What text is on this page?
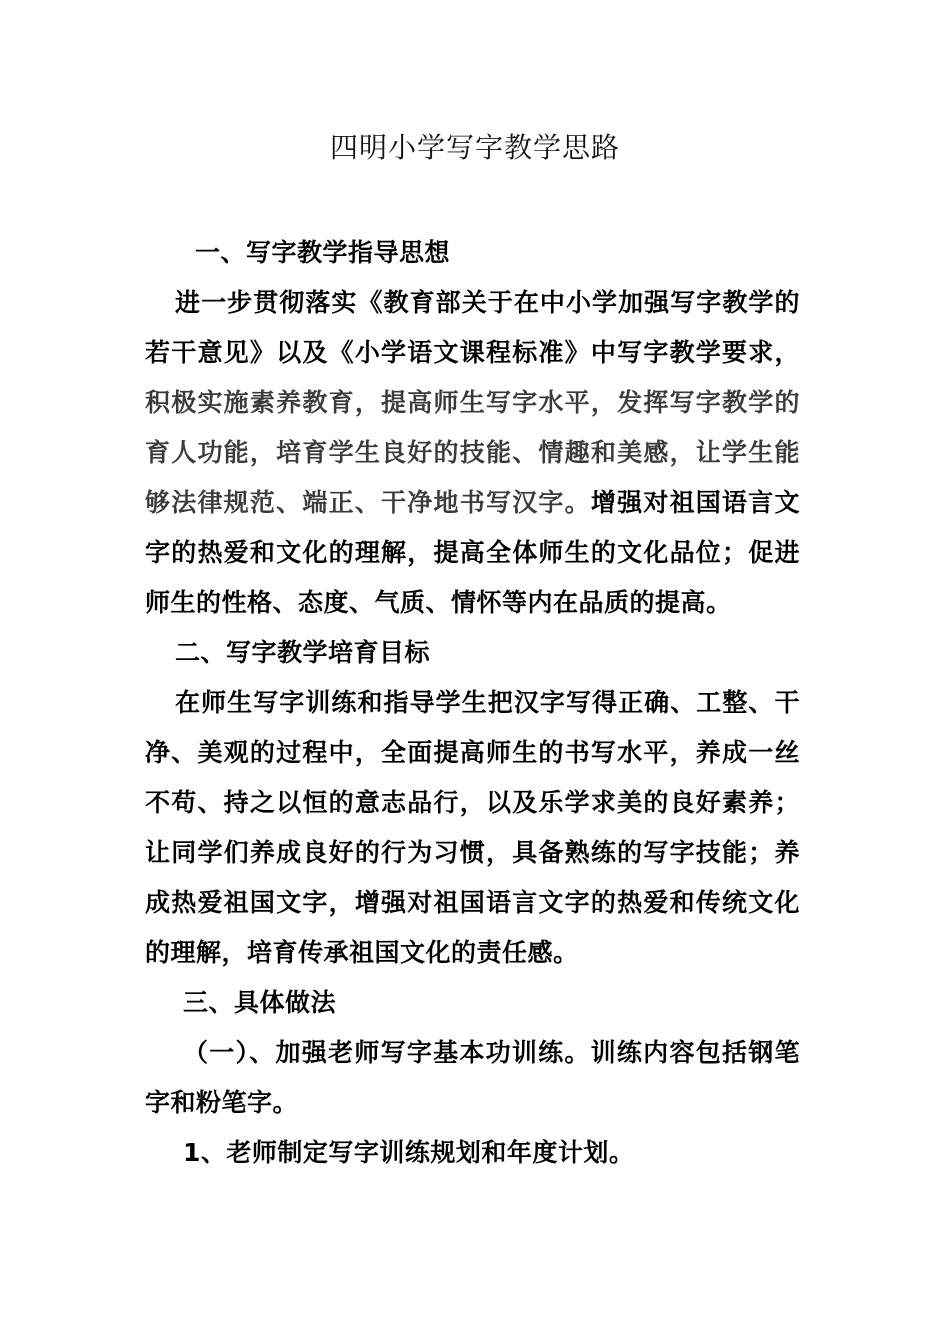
四明小学写字教学思路

一、写字教学指导思想

进一步贯彻落实《教育部关于在中小学加强写字教学的若干意见》以及《小学语文课程标准》中写字教学要求，积极实施素养教育，提高师生写字水平，发挥写字教学的育人功能，培育学生良好的技能、情趣和美感，让学生能够法律规范、端正、干净地书写汉字。增强对祖国语言文字的热爱和文化的理解，提高全体师生的文化品位；促进师生的性格、态度、气质、情怀等内在品质的提高。

二、写字教学培育目标

在师生写字训练和指导学生把汉字写得正确、工整、干净、美观的过程中，全面提高师生的书写水平，养成一丝不苟、持之以恒的意志品行，以及乐学求美的良好素养；让同学们养成良好的行为习惯，具备熟练的写字技能；养成热爱祖国文字，增强对祖国语言文字的热爱和传统文化的理解，培育传承祖国文化的责任感。

三、具体做法

（一）、加强老师写字基本功训练。训练内容包括钢笔字和粉笔字。

1、老师制定写字训练规划和年度计划。
